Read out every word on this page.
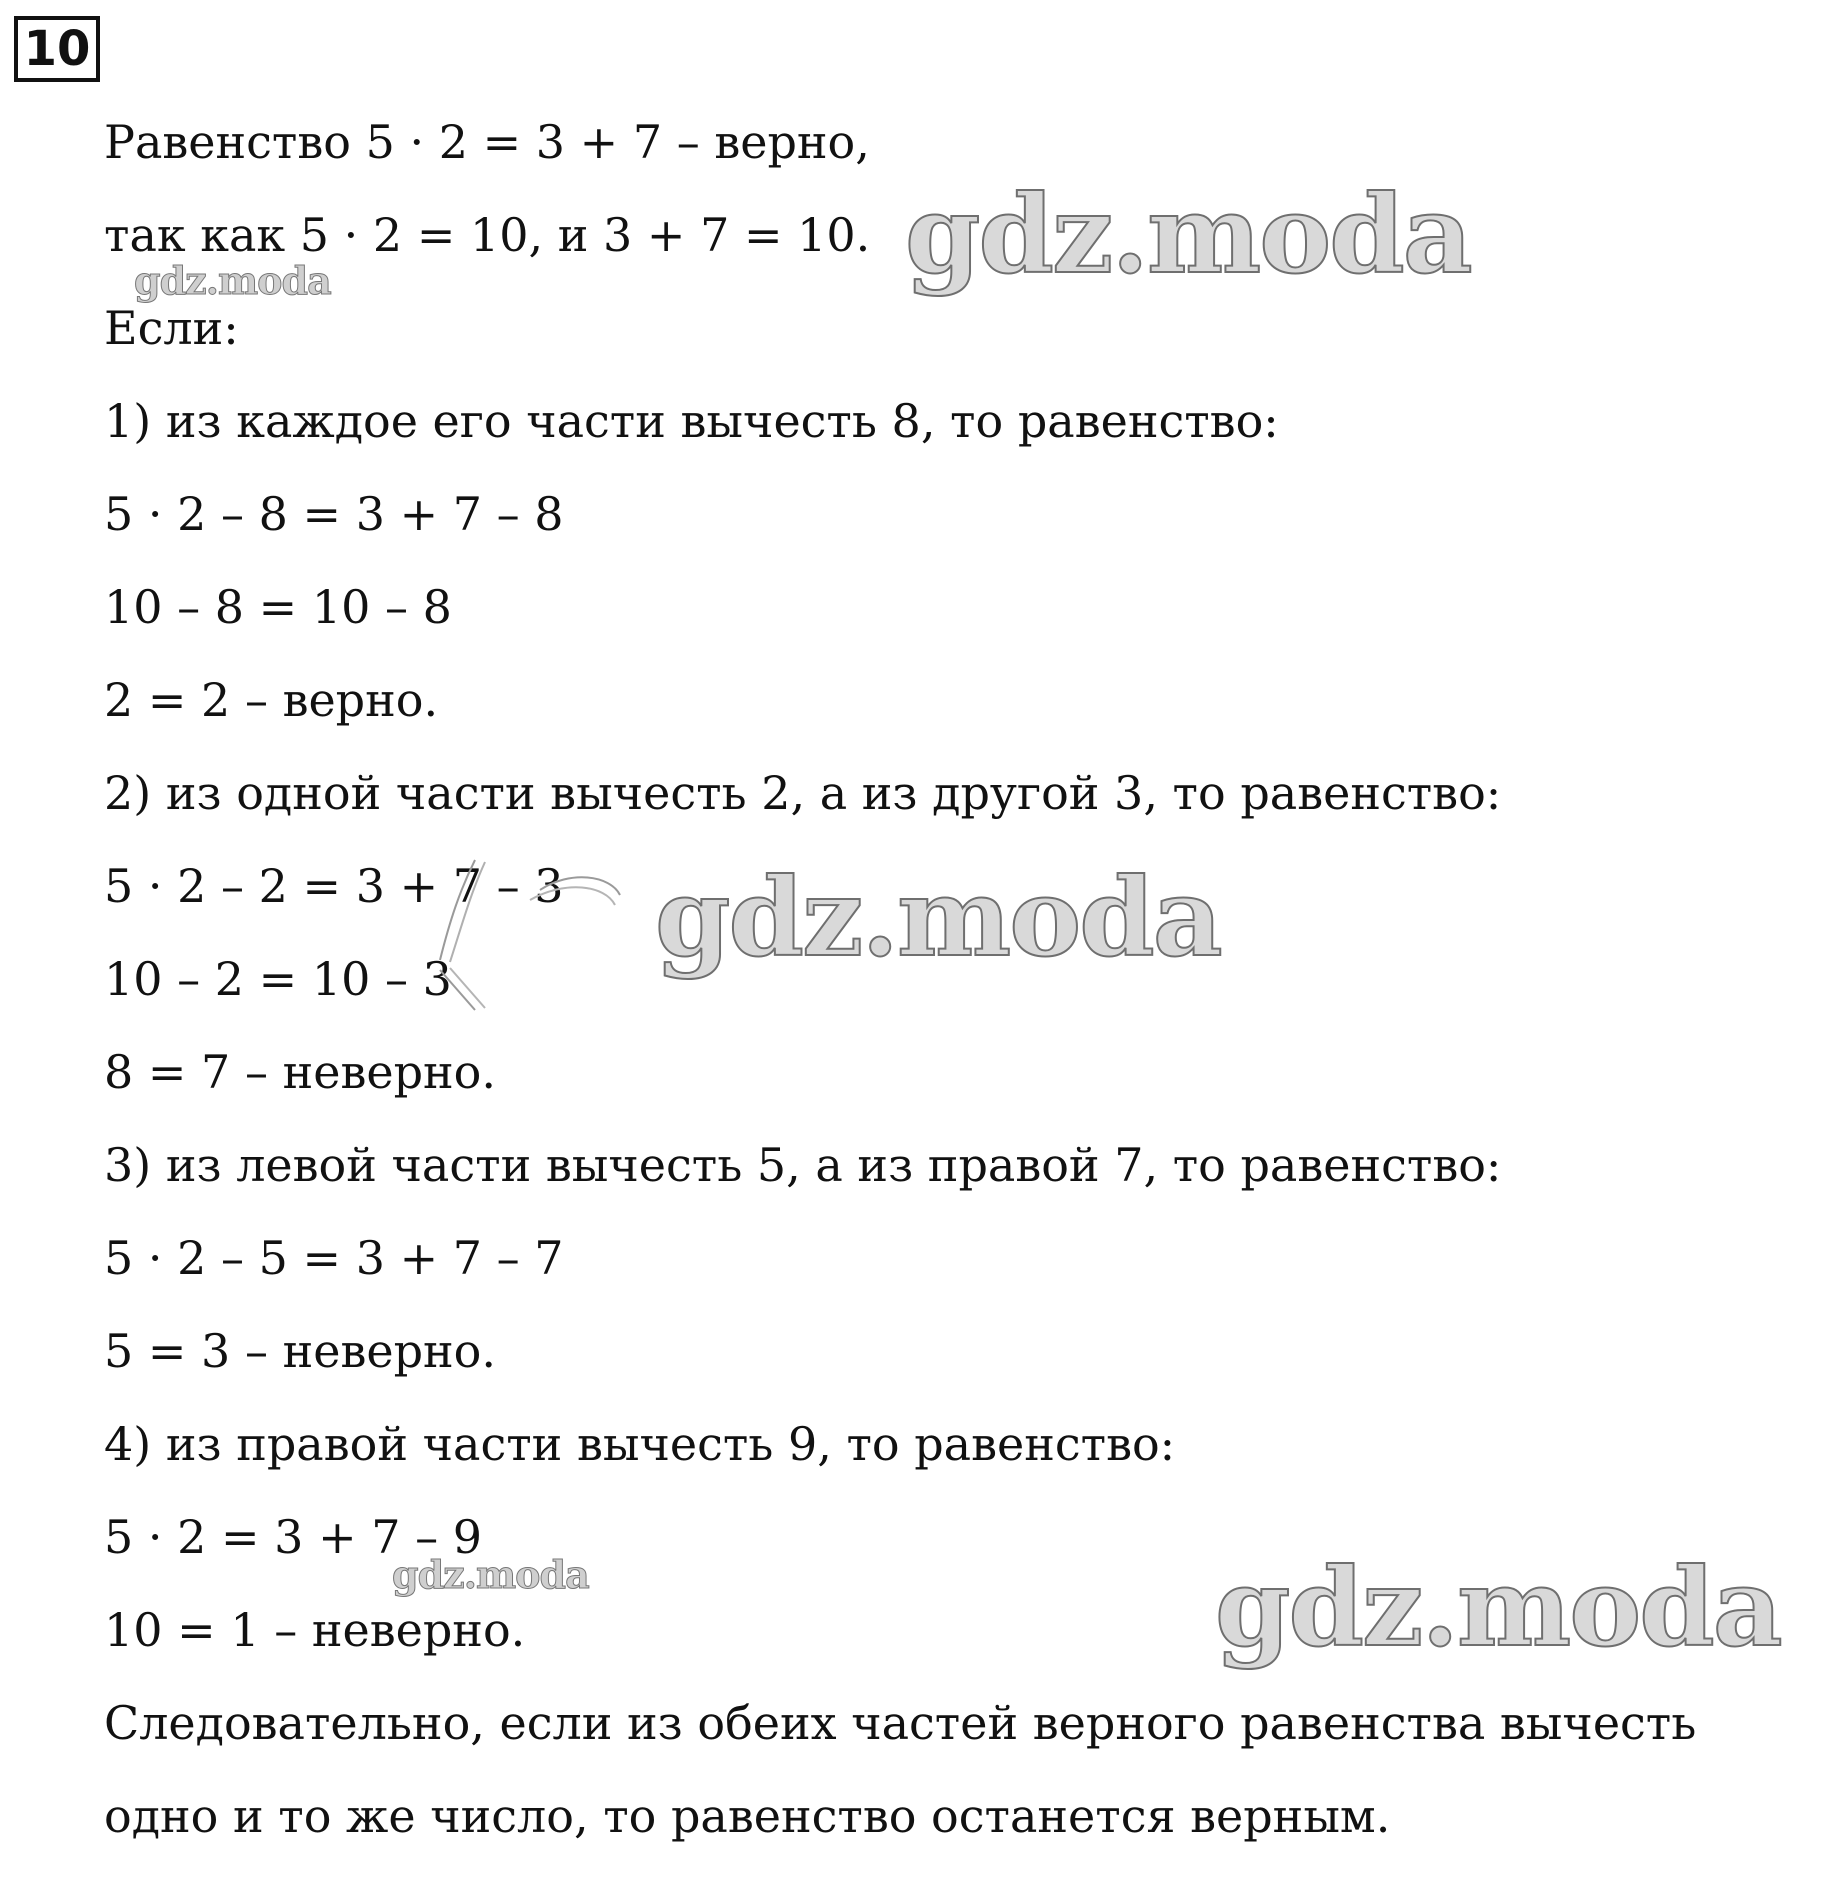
10
Равенство 5 · 2 = 3 + 7 – верно,
так как 5 · 2 = 10, и 3 + 7 = 10.
Если:
1) из каждое его части вычесть 8, то равенство:
5 · 2 – 8 = 3 + 7 – 8
10 – 8 = 10 – 8
2 = 2 – верно.
2) из одной части вычесть 2, а из другой 3, то равенство:
5 · 2 – 2 = 3 + 7 – 3
10 – 2 = 10 – 3
8 = 7 – неверно.
3) из левой части вычесть 5, а из правой 7, то равенство:
5 · 2 – 5 = 3 + 7 – 7
5 = 3 – неверно.
4) из правой части вычесть 9, то равенство:
5 · 2 = 3 + 7 – 9
10 = 1 – неверно.
Следовательно, если из обеих частей верного равенства вычесть
одно и то же число, то равенство останется верным.
gdz.moda
gdz.moda
gdz.moda
gdz.moda	gdz.moda
